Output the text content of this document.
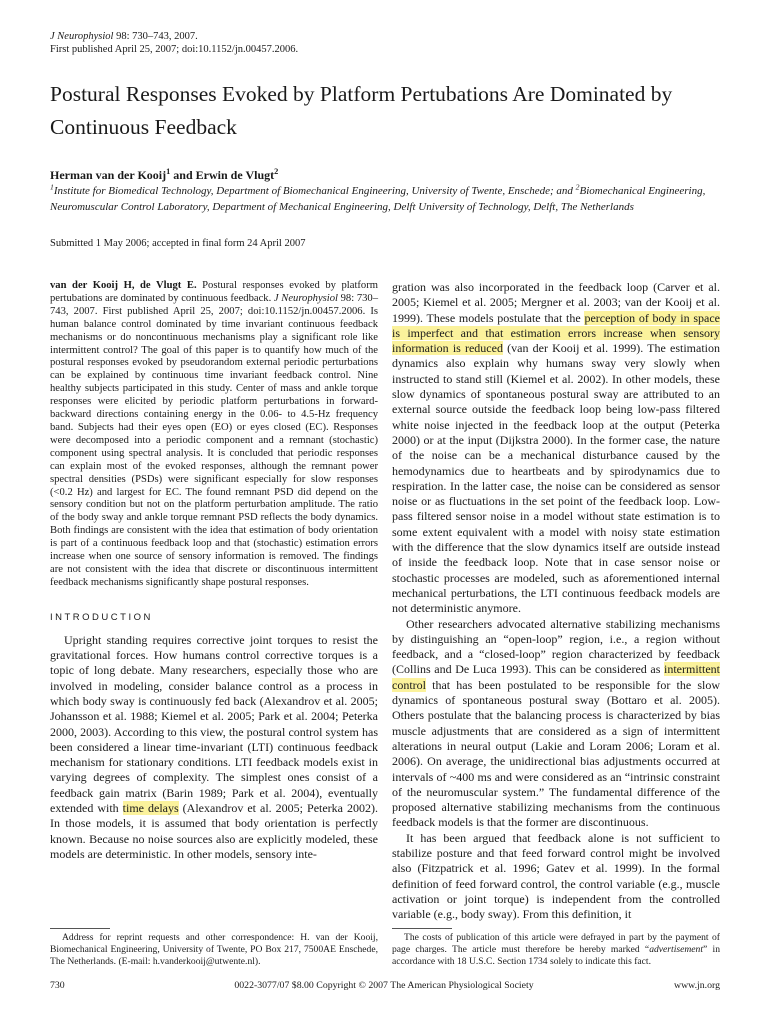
J Neurophysiol 98: 730–743, 2007.
First published April 25, 2007; doi:10.1152/jn.00457.2006.
Postural Responses Evoked by Platform Pertubations Are Dominated by Continuous Feedback
Herman van der Kooij$^1$ and Erwin de Vlugt$^2$
$^1$Institute for Biomedical Technology, Department of Biomechanical Engineering, University of Twente, Enschede; and $^2$Biomechanical Engineering, Neuromuscular Control Laboratory, Department of Mechanical Engineering, Delft University of Technology, Delft, The Netherlands
Submitted 1 May 2006; accepted in final form 24 April 2007

van der Kooij H, de Vlugt E. Postural responses evoked by platform pertubations are dominated by continuous feedback. J Neurophysiol 98: 730–743, 2007. First published April 25, 2007; doi:10.1152/jn.00457.2006. Is human balance control dominated by time invariant continuous feedback mechanisms or do noncontinuous mechanisms play a significant role like intermittent control? The goal of this paper is to quantify how much of the postural responses evoked by pseudorandom external periodic perturbations can be explained by continuous time invariant feedback control. Nine healthy subjects participated in this study. Center of mass and ankle torque responses were elicited by periodic platform perturbations in forward-backward directions containing energy in the 0.06- to 4.5-Hz frequency band. Subjects had their eyes open (EO) or eyes closed (EC). Responses were decomposed into a periodic component and a remnant (stochastic) component using spectral analysis. It is concluded that periodic responses can explain most of the evoked responses, although the remnant power spectral densities (PSDs) were significant especially for slow responses (<0.2 Hz) and largest for EC. The found remnant PSD did depend on the sensory condition but not on the platform perturbation amplitude. The ratio of the body sway and ankle torque remnant PSD reflects the body dynamics. Both findings are consistent with the idea that estimation of body orientation is part of a continuous feedback loop and that (stochastic) estimation errors increase when one source of sensory information is removed. The findings are not consistent with the idea that discrete or discontinuous intermittent feedback mechanisms significantly shape postural responses.

INTRODUCTION

Upright standing requires corrective joint torques to resist the gravitational forces. How humans control corrective torques is a topic of long debate. Many researchers, especially those who are involved in modeling, consider balance control as a process in which body sway is continuously fed back (Alexandrov et al. 2005; Johansson et al. 1988; Kiemel et al. 2005; Park et al. 2004; Peterka 2000, 2003). According to this view, the postural control system has been considered a linear time-invariant (LTI) continuous feedback mechanism for stationary conditions. LTI feedback models exist in varying degrees of complexity. The simplest ones consist of a feedback gain matrix (Barin 1989; Park et al. 2004), eventually extended with time delays (Alexandrov et al. 2005; Peterka 2002). In those models, it is assumed that body orientation is perfectly known. Because no noise sources also are explicitly modeled, these models are deterministic. In other models, sensory inte-

gration was also incorporated in the feedback loop (Carver et al. 2005; Kiemel et al. 2005; Mergner et al. 2003; van der Kooij et al. 1999). These models postulate that the perception of body in space is imperfect and that estimation errors increase when sensory information is reduced (van der Kooij et al. 1999). The estimation dynamics also explain why humans sway very slowly when instructed to stand still (Kiemel et al. 2002). In other models, these slow dynamics of spontaneous postural sway are attributed to an external source outside the feedback loop being low-pass filtered white noise injected in the feedback loop at the output (Peterka 2000) or at the input (Dijkstra 2000). In the former case, the nature of the noise can be a mechanical disturbance caused by the hemodynamics due to heartbeats and by spirodynamics due to respiration. In the latter case, the noise can be considered as sensor noise or as fluctuations in the set point of the feedback loop. Low-pass filtered sensor noise in a model without state estimation is to some extent equivalent with a model with noisy state estimation with the difference that the slow dynamics itself are outside instead of inside the feedback loop. Note that in case sensor noise or stochastic processes are modeled, such as aforementioned internal mechanical perturbations, the LTI continuous feedback models are not deterministic anymore.

Other researchers advocated alternative stabilizing mechanisms by distinguishing an “open-loop” region, i.e., a region without feedback, and a “closed-loop” region characterized by feedback (Collins and De Luca 1993). This can be considered as intermittent control that has been postulated to be responsible for the slow dynamics of spontaneous postural sway (Bottaro et al. 2005). Others postulate that the balancing process is characterized by bias muscle adjustments that are considered as a sign of intermittent alterations in neural output (Lakie and Loram 2006; Loram et al. 2006). On average, the unidirectional bias adjustments occurred at intervals of ~400 ms and were considered as an “intrinsic constraint of the neuromuscular system.” The fundamental difference of the proposed alternative stabilizing mechanisms from the continuous feedback models is that the former are discontinuous.

It has been argued that feedback alone is not sufficient to stabilize posture and that feed forward control might be involved also (Fitzpatrick et al. 1996; Gatev et al. 1999). In the formal definition of feed forward control, the control variable (e.g., muscle activation or joint torque) is independent from the controlled variable (e.g., body sway). From this definition, it

Address for reprint requests and other correspondence: H. van der Kooij, Biomechanical Engineering, University of Twente, PO Box 217, 7500AE Enschede, The Netherlands. (E-mail: h.vanderkooij@utwente.nl).

The costs of publication of this article were defrayed in part by the payment of page charges. The article must therefore be hereby marked “advertisement” in accordance with 18 U.S.C. Section 1734 solely to indicate this fact.

0022-3077/07 $8.00 Copyright © 2007 The American Physiological Society
730	www.jn.org
